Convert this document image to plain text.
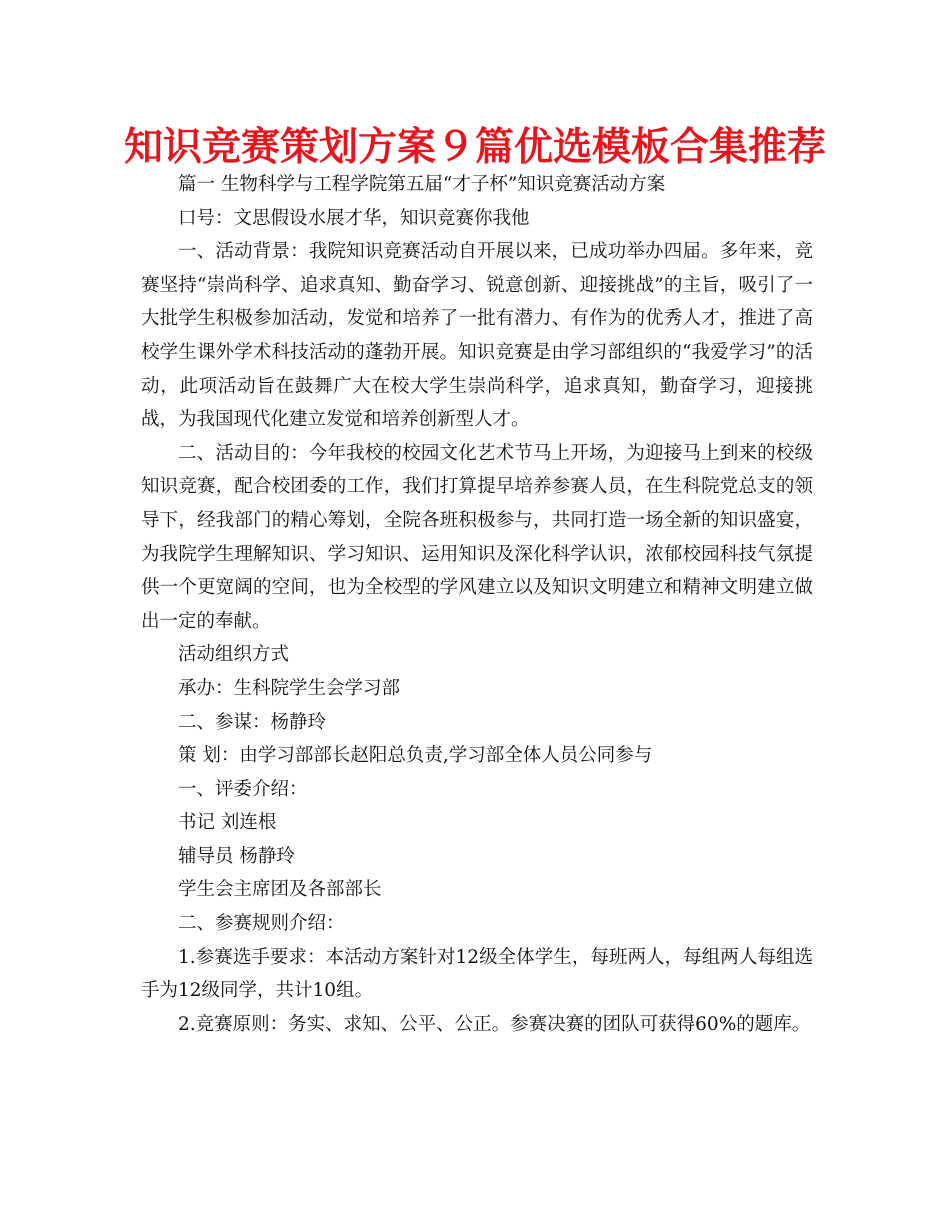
知识竞赛策划方案９篇优选模板合集推荐

篇一 生物科学与工程学院第五届“才子杯”知识竞赛活动方案

口号：文思假设水展才华，知识竞赛你我他

一、活动背景：我院知识竞赛活动自开展以来，已成功举办四届。多年来，竞赛坚持“崇尚科学、追求真知、勤奋学习、锐意创新、迎接挑战”的主旨，吸引了一大批学生积极参加活动，发觉和培养了一批有潜力、有作为的优秀人才，推进了高校学生课外学术科技活动的蓬勃开展。知识竞赛是由学习部组织的“我爱学习”的活动，此项活动旨在鼓舞广大在校大学生崇尚科学，追求真知，勤奋学习，迎接挑战，为我国现代化建立发觉和培养创新型人才。

二、活动目的：今年我校的校园文化艺术节马上开场，为迎接马上到来的校级知识竞赛，配合校团委的工作，我们打算提早培养参赛人员，在生科院党总支的领导下，经我部门的精心筹划，全院各班积极参与，共同打造一场全新的知识盛宴，为我院学生理解知识、学习知识、运用知识及深化科学认识，浓郁校园科技气氛提供一个更宽阔的空间，也为全校型的学风建立以及知识文明建立和精神文明建立做出一定的奉献。

活动组织方式

承办：生科院学生会学习部

二、参谋：杨静玲

策 划：由学习部部长赵阳总负责,学习部全体人员公同参与

一、评委介绍：

书记 刘连根

辅导员 杨静玲

学生会主席团及各部部长

二、参赛规则介绍：

1.参赛选手要求：本活动方案针对12级全体学生，每班两人，每组两人每组选手为12级同学，共计10组。

2.竞赛原则：务实、求知、公平、公正。参赛决赛的团队可获得60%的题库。
